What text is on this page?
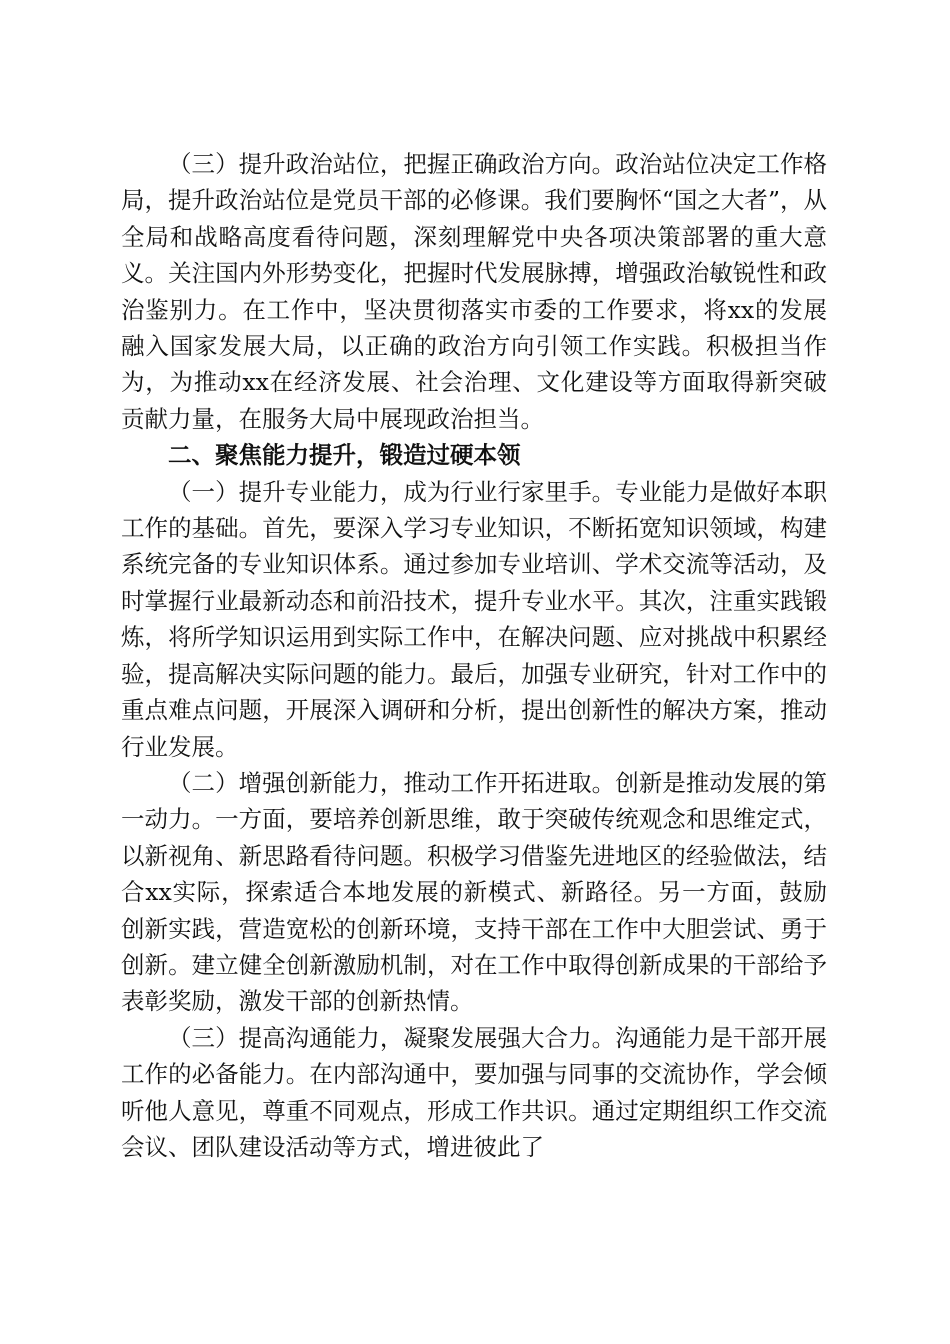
（三）提升政治站位，把握正确政治方向。政治站位决定工作格局，提升政治站位是党员干部的必修课。我们要胸怀“国之大者”，从全局和战略高度看待问题，深刻理解党中央各项决策部署的重大意义。关注国内外形势变化，把握时代发展脉搏，增强政治敏锐性和政治鉴别力。在工作中，坚决贯彻落实市委的工作要求，将xx的发展融入国家发展大局，以正确的政治方向引领工作实践。积极担当作为，为推动xx在经济发展、社会治理、文化建设等方面取得新突破贡献力量，在服务大局中展现政治担当。

二、聚焦能力提升，锻造过硬本领

（一）提升专业能力，成为行业行家里手。专业能力是做好本职工作的基础。首先，要深入学习专业知识，不断拓宽知识领域，构建系统完备的专业知识体系。通过参加专业培训、学术交流等活动，及时掌握行业最新动态和前沿技术，提升专业水平。其次，注重实践锻炼，将所学知识运用到实际工作中，在解决问题、应对挑战中积累经验，提高解决实际问题的能力。最后，加强专业研究，针对工作中的重点难点问题，开展深入调研和分析，提出创新性的解决方案，推动行业发展。

（二）增强创新能力，推动工作开拓进取。创新是推动发展的第一动力。一方面，要培养创新思维，敢于突破传统观念和思维定式，以新视角、新思路看待问题。积极学习借鉴先进地区的经验做法，结合xx实际，探索适合本地发展的新模式、新路径。另一方面，鼓励创新实践，营造宽松的创新环境，支持干部在工作中大胆尝试、勇于创新。建立健全创新激励机制，对在工作中取得创新成果的干部给予表彰奖励，激发干部的创新热情。

（三）提高沟通能力，凝聚发展强大合力。沟通能力是干部开展工作的必备能力。在内部沟通中，要加强与同事的交流协作，学会倾听他人意见，尊重不同观点，形成工作共识。通过定期组织工作交流会议、团队建设活动等方式，增进彼此了
